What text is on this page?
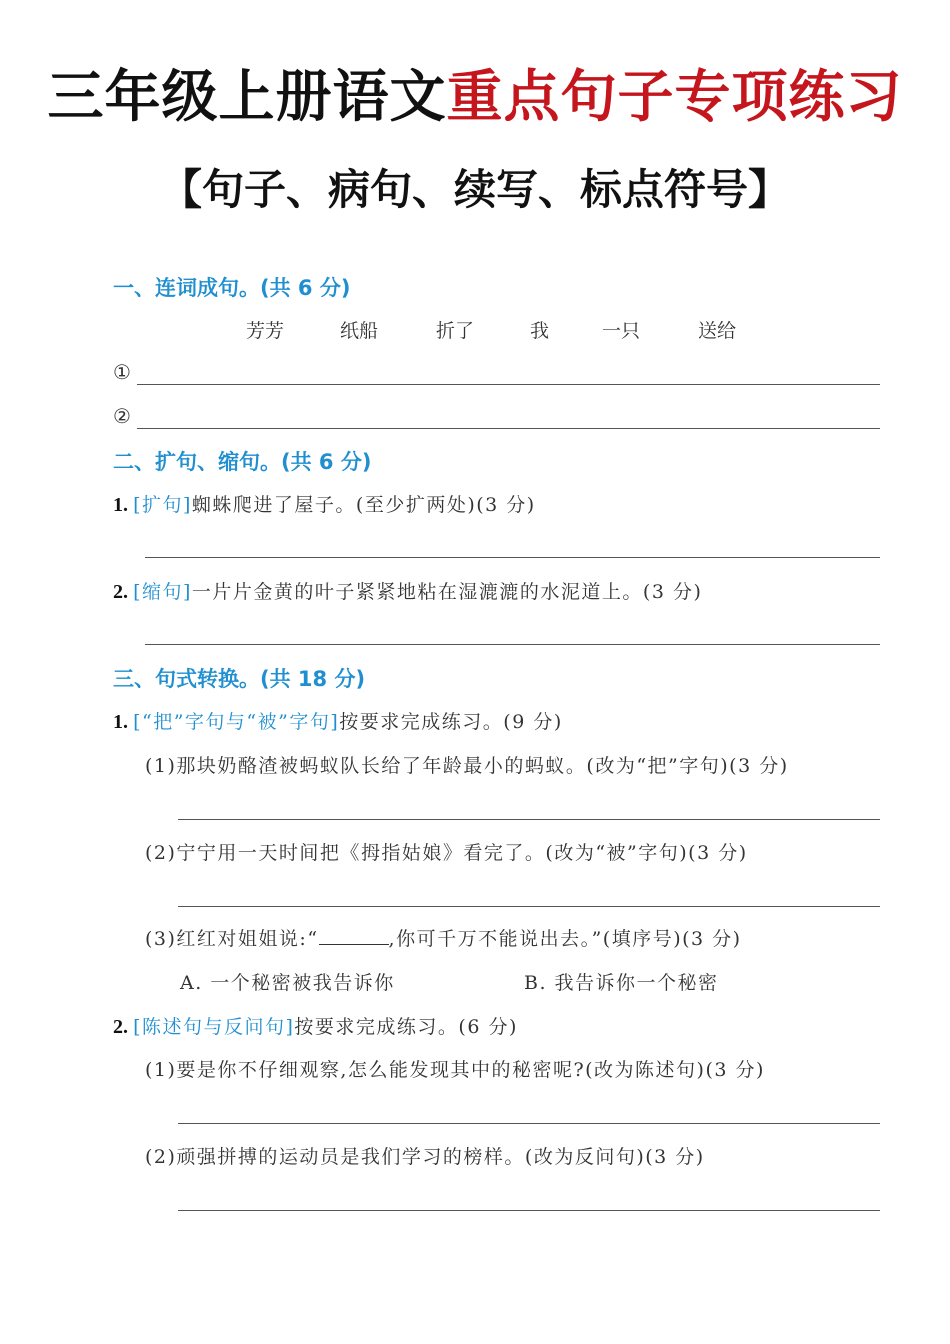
三年级上册语文重点句子专项练习
【句子、病句、续写、标点符号】
一、连词成句。(共 6 分)
芳芳	纸船	折了	我	一只	送给
①
②
二、扩句、缩句。(共 6 分)
1. [扩句]蜘蛛爬进了屋子。(至少扩两处)(3 分)
2. [缩句]一片片金黄的叶子紧紧地粘在湿漉漉的水泥道上。(3 分)
三、句式转换。(共 18 分)
1. [“把”字句与“被”字句]按要求完成练习。(9 分)
(1)那块奶酪渣被蚂蚁队长给了年龄最小的蚂蚁。(改为“把”字句)(3 分)
(2)宁宁用一天时间把《拇指姑娘》看完了。(改为“被”字句)(3 分)
(3)红红对姐姐说:“	,你可千万不能说出去。”(填序号)(3 分)
A. 一个秘密被我告诉你	B. 我告诉你一个秘密
2. [陈述句与反问句]按要求完成练习。(6 分)
(1)要是你不仔细观察,怎么能发现其中的秘密呢?(改为陈述句)(3 分)
(2)顽强拼搏的运动员是我们学习的榜样。(改为反问句)(3 分)
